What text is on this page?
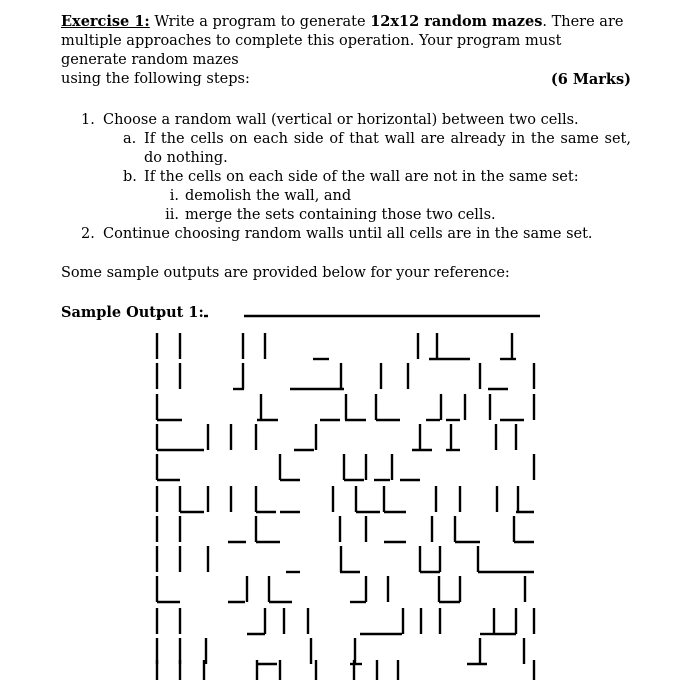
Exercise 1: Write a program to generate 12x12 random mazes. There are multiple approaches to complete this operation. Your program must generate random mazes

using the following steps:	(6 Marks)

1. Choose a random wall (vertical or horizontal) between two cells.
a. If the cells on each side of that wall are already in the same set, do nothing.
b. If the cells on each side of the wall are not in the same set:
i. demolish the wall, and
ii. merge the sets containing those two cells.
2. Continue choosing random walls until all cells are in the same set.

Some sample outputs are provided below for your reference:

Sample Output 1:
